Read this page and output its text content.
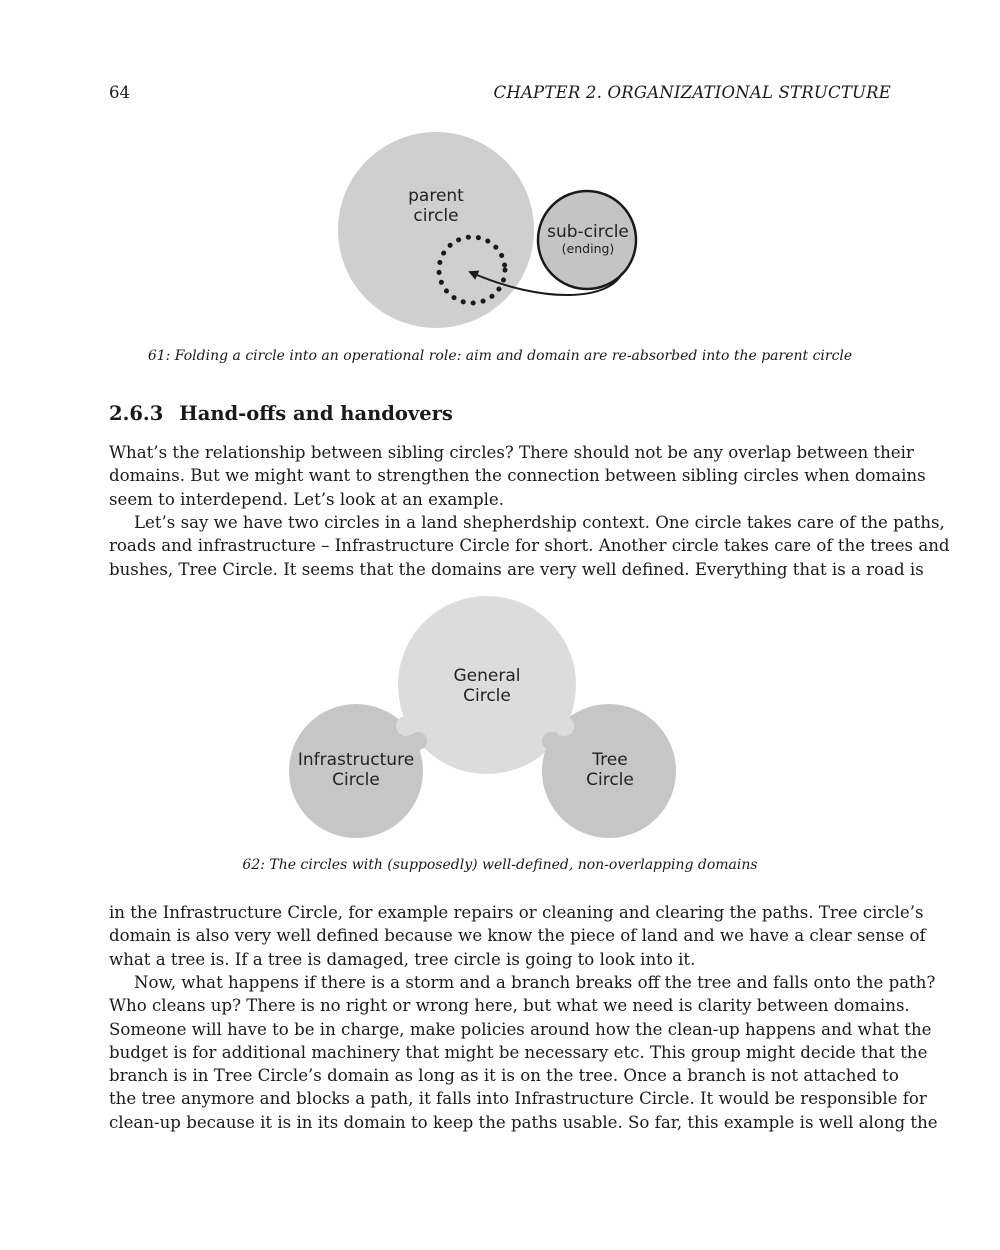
64	CHAPTER 2. ORGANIZATIONAL STRUCTURE
parent
circle
sub-circle
(ending)
61: Folding a circle into an operational role: aim and domain are re-absorbed into the parent circle
2.6.3 Hand-offs and handovers
What’s the relationship between sibling circles? There should not be any overlap between their
domains. But we might want to strengthen the connection between sibling circles when domains
seem to interdepend. Let’s look at an example.
Let’s say we have two circles in a land shepherdship context. One circle takes care of the paths,
roads and infrastructure – Infrastructure Circle for short. Another circle takes care of the trees and
bushes, Tree Circle. It seems that the domains are very well defined. Everything that is a road is
General
Circle
Infrastructure
Circle
Tree
Circle
62: The circles with (supposedly) well-defined, non-overlapping domains
in the Infrastructure Circle, for example repairs or cleaning and clearing the paths. Tree circle’s
domain is also very well defined because we know the piece of land and we have a clear sense of
what a tree is. If a tree is damaged, tree circle is going to look into it.
Now, what happens if there is a storm and a branch breaks off the tree and falls onto the path?
Who cleans up? There is no right or wrong here, but what we need is clarity between domains.
Someone will have to be in charge, make policies around how the clean-up happens and what the
budget is for additional machinery that might be necessary etc. This group might decide that the
branch is in Tree Circle’s domain as long as it is on the tree. Once a branch is not attached to
the tree anymore and blocks a path, it falls into Infrastructure Circle. It would be responsible for
clean-up because it is in its domain to keep the paths usable. So far, this example is well along the
